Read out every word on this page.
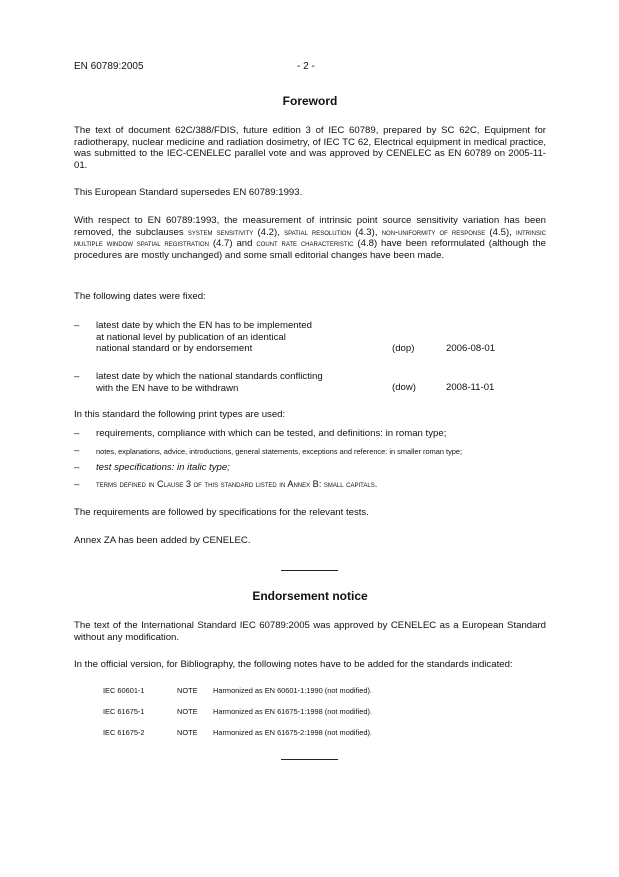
EN 60789:2005	- 2 -
Foreword
The text of document 62C/388/FDIS, future edition 3 of IEC 60789, prepared by SC 62C, Equipment for radiotherapy, nuclear medicine and radiation dosimetry, of IEC TC 62, Electrical equipment in medical practice, was submitted to the IEC-CENELEC parallel vote and was approved by CENELEC as EN 60789 on 2005-11-01.
This European Standard supersedes EN 60789:1993.
With respect to EN 60789:1993, the measurement of intrinsic point source sensitivity variation has been removed, the subclauses system sensitivity (4.2), spatial resolution (4.3), non-uniformity of response (4.5), intrinsic multiple window spatial registration (4.7) and count rate characteristic (4.8) have been reformulated (although the procedures are mostly unchanged) and some small editorial changes have been made.
The following dates were fixed:
– latest date by which the EN has to be implemented
at national level by publication of an identical
national standard or by endorsement	(dop)	2006-08-01
– latest date by which the national standards conflicting
with the EN have to be withdrawn	(dow)	2008-11-01
In this standard the following print types are used:
– requirements, compliance with which can be tested, and definitions: in roman type;
– notes, explanations, advice, introductions, general statements, exceptions and reference: in smaller roman type;
– test specifications: in italic type;
– terms defined in Clause 3 of this standard listed in Annex B: small capitals.
The requirements are followed by specifications for the relevant tests.
Annex ZA has been added by CENELEC.
Endorsement notice
The text of the International Standard IEC 60789:2005 was approved by CENELEC as a European Standard without any modification.
In the official version, for Bibliography, the following notes have to be added for the standards indicated:
IEC 60601-1	NOTE Harmonized as EN 60601-1:1990 (not modified).
IEC 61675-1	NOTE Harmonized as EN 61675-1:1998 (not modified).
IEC 61675-2	NOTE Harmonized as EN 61675-2:1998 (not modified).
